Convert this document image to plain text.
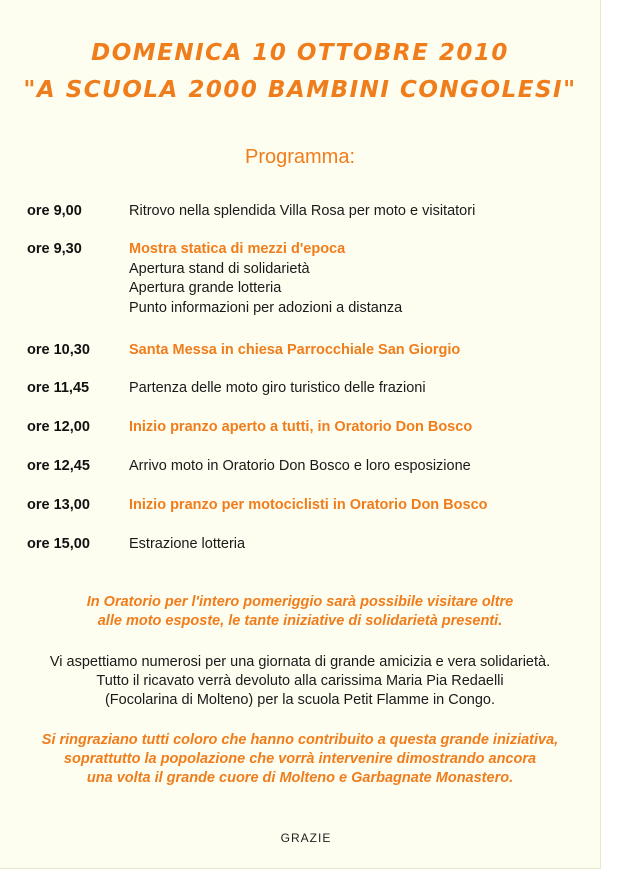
DOMENICA 10 OTTOBRE 2010
"A SCUOLA 2000 BAMBINI CONGOLESI"
Programma:
ore 9,00	Ritrovo nella splendida Villa Rosa per moto e visitatori
ore 9,30	Mostra statica di mezzi d'epoca
Apertura stand di solidarietà
Apertura grande lotteria
Punto informazioni per adozioni a distanza
ore 10,30	Santa Messa in chiesa Parrocchiale San Giorgio
ore 11,45	Partenza delle moto giro turistico delle frazioni
ore 12,00	Inizio pranzo aperto a tutti, in Oratorio Don Bosco
ore 12,45	Arrivo moto in Oratorio Don Bosco e loro esposizione
ore 13,00	Inizio pranzo per motociclisti in Oratorio Don Bosco
ore 15,00	Estrazione lotteria
In Oratorio per l'intero pomeriggio sarà possibile visitare oltre
alle moto esposte, le tante iniziative di solidarietà presenti.
Vi aspettiamo numerosi per una giornata di grande amicizia e vera solidarietà.
Tutto il ricavato verrà devoluto alla carissima Maria Pia Redaelli
(Focolarina di Molteno) per la scuola Petit Flamme in Congo.
Si ringraziano tutti coloro che hanno contribuito a questa grande iniziativa,
soprattutto la popolazione che vorrà intervenire dimostrando ancora
una volta il grande cuore di Molteno e Garbagnate Monastero.
GRAZIE
